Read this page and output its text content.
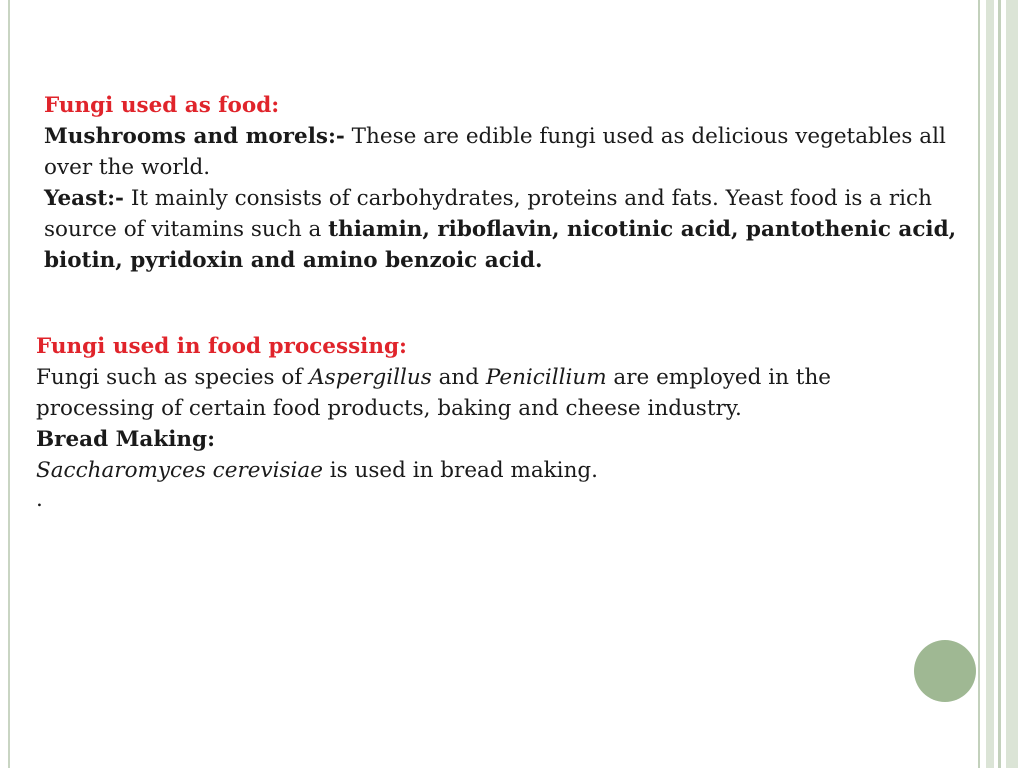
Fungi used as food:
Mushrooms and morels:- These are edible fungi used as delicious vegetables all over the world.
Yeast:- It mainly consists of carbohydrates, proteins and fats. Yeast food is a rich source of vitamins such a thiamin, riboflavin, nicotinic acid, pantothenic acid, biotin, pyridoxin and amino benzoic acid.
Fungi used in food processing:
Fungi such as species of Aspergillus and Penicillium are employed in the processing of certain food products, baking and cheese industry.
Bread Making:
Saccharomyces cerevisiae is used in bread making.
.
